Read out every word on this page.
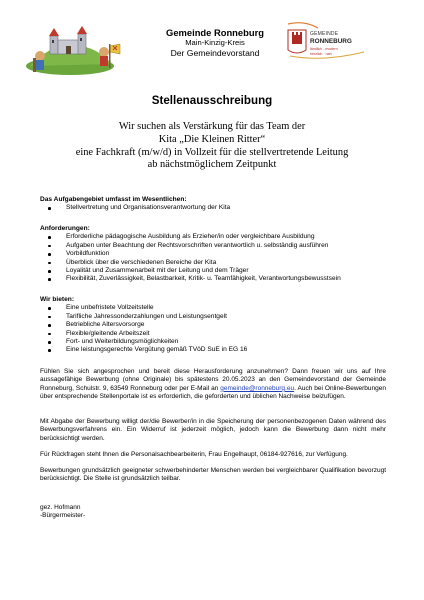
Gemeinde Ronneburg
Main-Kinzig-Kreis
Der Gemeindevorstand
GEMEINDE
RONNEBURG
ländlich - modern
herzlich · nah
Stellenausschreibung
Wir suchen als Verstärkung für das Team der
Kita „Die Kleinen Ritter“
eine Fachkraft (m/w/d) in Vollzeit für die stellvertretende Leitung
ab nächstmöglichem Zeitpunkt
Das Aufgabengebiet umfasst im Wesentlichen:
Stellvertretung und Organisationsverantwortung der Kita
Anforderungen:
Erforderliche pädagogische Ausbildung als Erzieher/in oder vergleichbare Ausbildung
Aufgaben unter Beachtung der Rechtsvorschriften verantwortlich u. selbständig ausführen
Vorbildfunktion
Überblick über die verschiedenen Bereiche der Kita
Loyalität und Zusammenarbeit mit der Leitung und dem Träger
Flexibilität, Zuverlässigkeit, Belastbarkeit, Kritik- u. Teamfähigkeit, Verantwortungsbewusstsein
Wir bieten:
Eine unbefristete Vollzeitstelle
Tarifliche Jahressonderzahlungen und Leistungsentgelt
Betriebliche Altersvorsorge
Flexible/gleitende Arbeitszeit
Fort- und Weiterbildungsmöglichkeiten
Eine leistungsgerechte Vergütung gemäß TVöD SuE in EG 16
Fühlen Sie sich angesprochen und bereit diese Herausforderung anzunehmen? Dann freuen wir uns auf Ihre aussagefähige Bewerbung (ohne Originale) bis spätestens 20.05.2023 an den Gemeindevorstand der Gemeinde Ronneburg, Schulstr. 9, 63549 Ronneburg oder per E-Mail an gemeinde@ronneburg.eu. Auch bei Online-Bewerbungen über entsprechende Stellenportale ist es erforderlich, die geforderten und üblichen Nachweise beizufügen.
Mit Abgabe der Bewerbung willigt der/die Bewerber/in in die Speicherung der personenbezogenen Daten während des Bewerbungsverfahrens ein. Ein Widerruf ist jederzeit möglich, jedoch kann die Bewerbung dann nicht mehr berücksichtigt werden.
Für Rückfragen steht Ihnen die Personalsachbearbeiterin, Frau Engelhaupt, 06184-927616, zur Verfügung.
Bewerbungen grundsätzlich geeigneter schwerbehinderter Menschen werden bei vergleichbarer Qualifikation bevorzugt berücksichtigt. Die Stelle ist grundsätzlich teilbar.
gez. Hofmann
-Bürgermeister-
